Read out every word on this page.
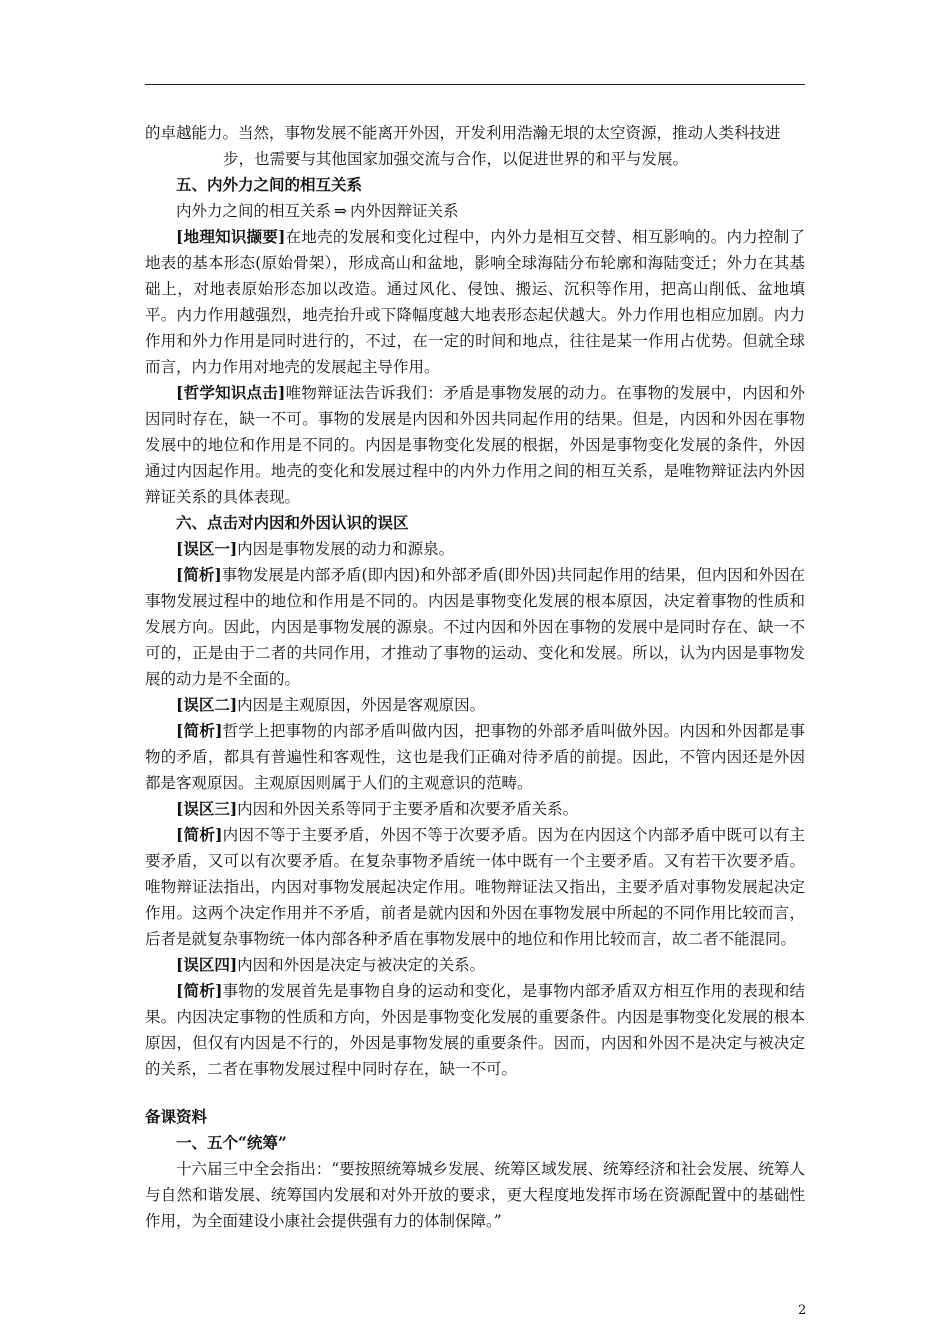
的卓越能力。当然，事物发展不能离开外因，开发利用浩瀚无垠的太空资源，推动人类科技进

步，也需要与其他国家加强交流与合作，以促进世界的和平与发展。

五、内外力之间的相互关系

内外力之间的相互关系 ⇒ 内外因辩证关系

[地理知识撷要]在地壳的发展和变化过程中，内外力是相互交替、相互影响的。内力控制了地表的基本形态(原始骨架），形成高山和盆地，影响全球海陆分布轮廓和海陆变迁；外力在其基础上，对地表原始形态加以改造。通过风化、侵蚀、搬运、沉积等作用，把高山削低、盆地填平。内力作用越强烈，地壳抬升或下降幅度越大地表形态起伏越大。外力作用也相应加剧。内力作用和外力作用是同时进行的，不过，在一定的时间和地点，往往是某一作用占优势。但就全球而言，内力作用对地壳的发展起主导作用。

[哲学知识点击]唯物辩证法告诉我们：矛盾是事物发展的动力。在事物的发展中，内因和外因同时存在，缺一不可。事物的发展是内因和外因共同起作用的结果。但是，内因和外因在事物发展中的地位和作用是不同的。内因是事物变化发展的根据，外因是事物变化发展的条件，外因通过内因起作用。地壳的变化和发展过程中的内外力作用之间的相互关系，是唯物辩证法内外因辩证关系的具体表现。

六、点击对内因和外因认识的误区

[误区一]内因是事物发展的动力和源泉。

[简析]事物发展是内部矛盾(即内因)和外部矛盾(即外因)共同起作用的结果，但内因和外因在事物发展过程中的地位和作用是不同的。内因是事物变化发展的根本原因，决定着事物的性质和发展方向。因此，内因是事物发展的源泉。不过内因和外因在事物的发展中是同时存在、缺一不可的，正是由于二者的共同作用，才推动了事物的运动、变化和发展。所以，认为内因是事物发展的动力是不全面的。

[误区二]内因是主观原因，外因是客观原因。

[简析]哲学上把事物的内部矛盾叫做内因，把事物的外部矛盾叫做外因。内因和外因都是事物的矛盾，都具有普遍性和客观性，这也是我们正确对待矛盾的前提。因此，不管内因还是外因都是客观原因。主观原因则属于人们的主观意识的范畴。

[误区三]内因和外因关系等同于主要矛盾和次要矛盾关系。

[简析]内因不等于主要矛盾，外因不等于次要矛盾。因为在内因这个内部矛盾中既可以有主要矛盾，又可以有次要矛盾。在复杂事物矛盾统一体中既有一个主要矛盾。又有若干次要矛盾。唯物辩证法指出，内因对事物发展起决定作用。唯物辩证法又指出，主要矛盾对事物发展起决定作用。这两个决定作用并不矛盾，前者是就内因和外因在事物发展中所起的不同作用比较而言，后者是就复杂事物统一体内部各种矛盾在事物发展中的地位和作用比较而言，故二者不能混同。

[误区四]内因和外因是决定与被决定的关系。

[简析]事物的发展首先是事物自身的运动和变化，是事物内部矛盾双方相互作用的表现和结果。内因决定事物的性质和方向，外因是事物变化发展的重要条件。内因是事物变化发展的根本原因，但仅有内因是不行的，外因是事物发展的重要条件。因而，内因和外因不是决定与被决定的关系，二者在事物发展过程中同时存在，缺一不可。

备课资料

一、五个“统筹”

十六届三中全会指出：“要按照统筹城乡发展、统筹区域发展、统筹经济和社会发展、统筹人与自然和谐发展、统筹国内发展和对外开放的要求，更大程度地发挥市场在资源配置中的基础性作用，为全面建设小康社会提供强有力的体制保障。”

2
